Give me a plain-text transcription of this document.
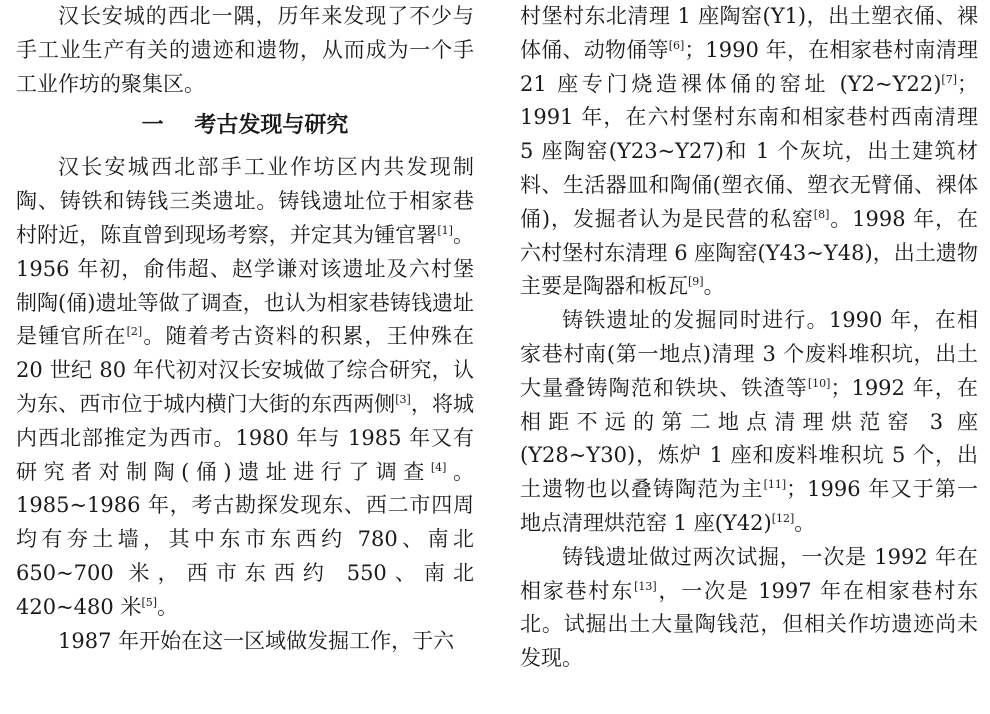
汉长安城的西北一隅，历年来发现了不少与手工业生产有关的遗迹和遗物，从而成为一个手工业作坊的聚集区。

一 考古发现与研究

汉长安城西北部手工业作坊区内共发现制陶、铸铁和铸钱三类遗址。铸钱遗址位于相家巷村附近，陈直曾到现场考察，并定其为锺官署[1]。1956 年初，俞伟超、赵学谦对该遗址及六村堡制陶(俑)遗址等做了调查，也认为相家巷铸钱遗址是锺官所在[2]。随着考古资料的积累，王仲殊在 20 世纪 80 年代初对汉长安城做了综合研究，认为东、西市位于城内横门大街的东西两侧[3]，将城内西北部推定为西市。1980 年与 1985 年又有研究者对制陶(俑)遗址进行了调查[4]。1985~1986 年，考古勘探发现东、西二市四周均有夯土墙，其中东市东西约 780、南北 650~700 米，西市东西约 550、南北 420~480 米[5]。

1987 年开始在这一区域做发掘工作，于六

村堡村东北清理 1 座陶窑(Y1)，出土塑衣俑、裸体俑、动物俑等[6]；1990 年，在相家巷村南清理 21 座专门烧造裸体俑的窑址 (Y2~Y22)[7]；1991 年，在六村堡村东南和相家巷村西南清理 5 座陶窑(Y23~Y27)和 1 个灰坑，出土建筑材料、生活器皿和陶俑(塑衣俑、塑衣无臂俑、裸体俑)，发掘者认为是民营的私窑[8]。1998 年，在六村堡村东清理 6 座陶窑(Y43~Y48)，出土遗物主要是陶器和板瓦[9]。

铸铁遗址的发掘同时进行。1990 年，在相家巷村南(第一地点)清理 3 个废料堆积坑，出土大量叠铸陶范和铁块、铁渣等[10]；1992 年，在相距不远的第二地点清理烘范窑 3 座 (Y28~Y30)，炼炉 1 座和废料堆积坑 5 个，出土遗物也以叠铸陶范为主[11]；1996 年又于第一地点清理烘范窑 1 座(Y42)[12]。

铸钱遗址做过两次试掘，一次是 1992 年在相家巷村东[13]，一次是 1997 年在相家巷村东北。试掘出土大量陶钱范，但相关作坊遗迹尚未发现。
